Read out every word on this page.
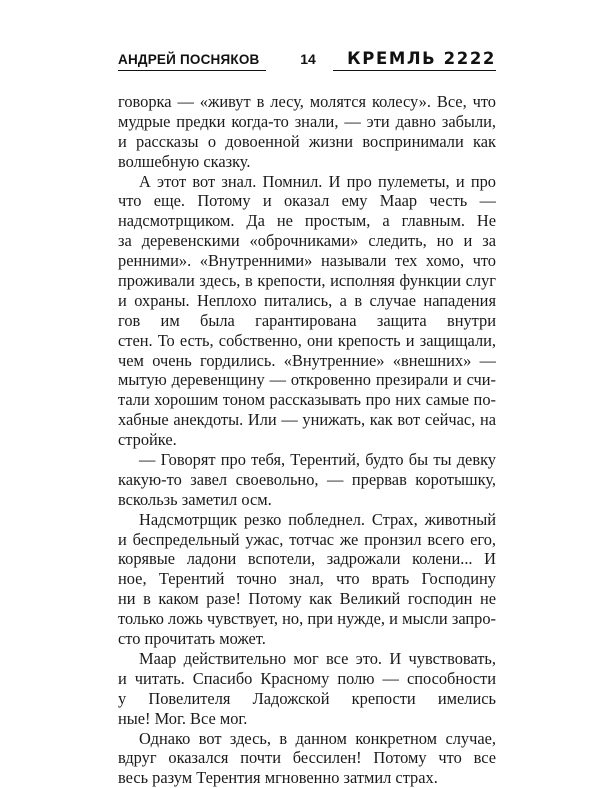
АНДРЕЙ ПОСНЯКОВ	14	КРЕМЛЬ 2222
говорка — «живут в лесу, молятся колесу». Все, что
мудрые предки когда-то знали, — эти давно забыли,
и рассказы о довоенной жизни воспринимали как
волшебную сказку.
А этот вот знал. Помнил. И про пулеметы, и про
что еще. Потому и оказал ему Маар честь —
надсмотрщиком. Да не простым, а главным. Не
за деревенскими «оброчниками» следить, но и за
ренними». «Внутренними» называли тех хомо, что
проживали здесь, в крепости, исполняя функции слуг
и охраны. Неплохо питались, а в случае нападения
гов им была гарантирована защита внутри
стен. То есть, собственно, они крепость и защищали,
чем очень гордились. «Внутренние» «внешних» —
мытую деревенщину — откровенно презирали и счи-
тали хорошим тоном рассказывать про них самые по-
хабные анекдоты. Или — унижать, как вот сейчас, на
стройке.
— Говорят про тебя, Терентий, будто бы ты девку
какую-то завел своевольно, — прервав коротышку,
вскользь заметил осм.
Надсмотрщик резко побледнел. Страх, животный
и беспредельный ужас, тотчас же пронзил всего его,
корявые ладони вспотели, задрожали колени... И
ное, Терентий точно знал, что врать Господину
ни в каком разе! Потому как Великий господин не
только ложь чувствует, но, при нужде, и мысли запро-
сто прочитать может.
Маар действительно мог все это. И чувствовать,
и читать. Спасибо Красному полю — способности
у Повелителя Ладожской крепости имелись
ные! Мог. Все мог.
Однако вот здесь, в данном конкретном случае,
вдруг оказался почти бессилен! Потому что все
весь разум Терентия мгновенно затмил страх.
